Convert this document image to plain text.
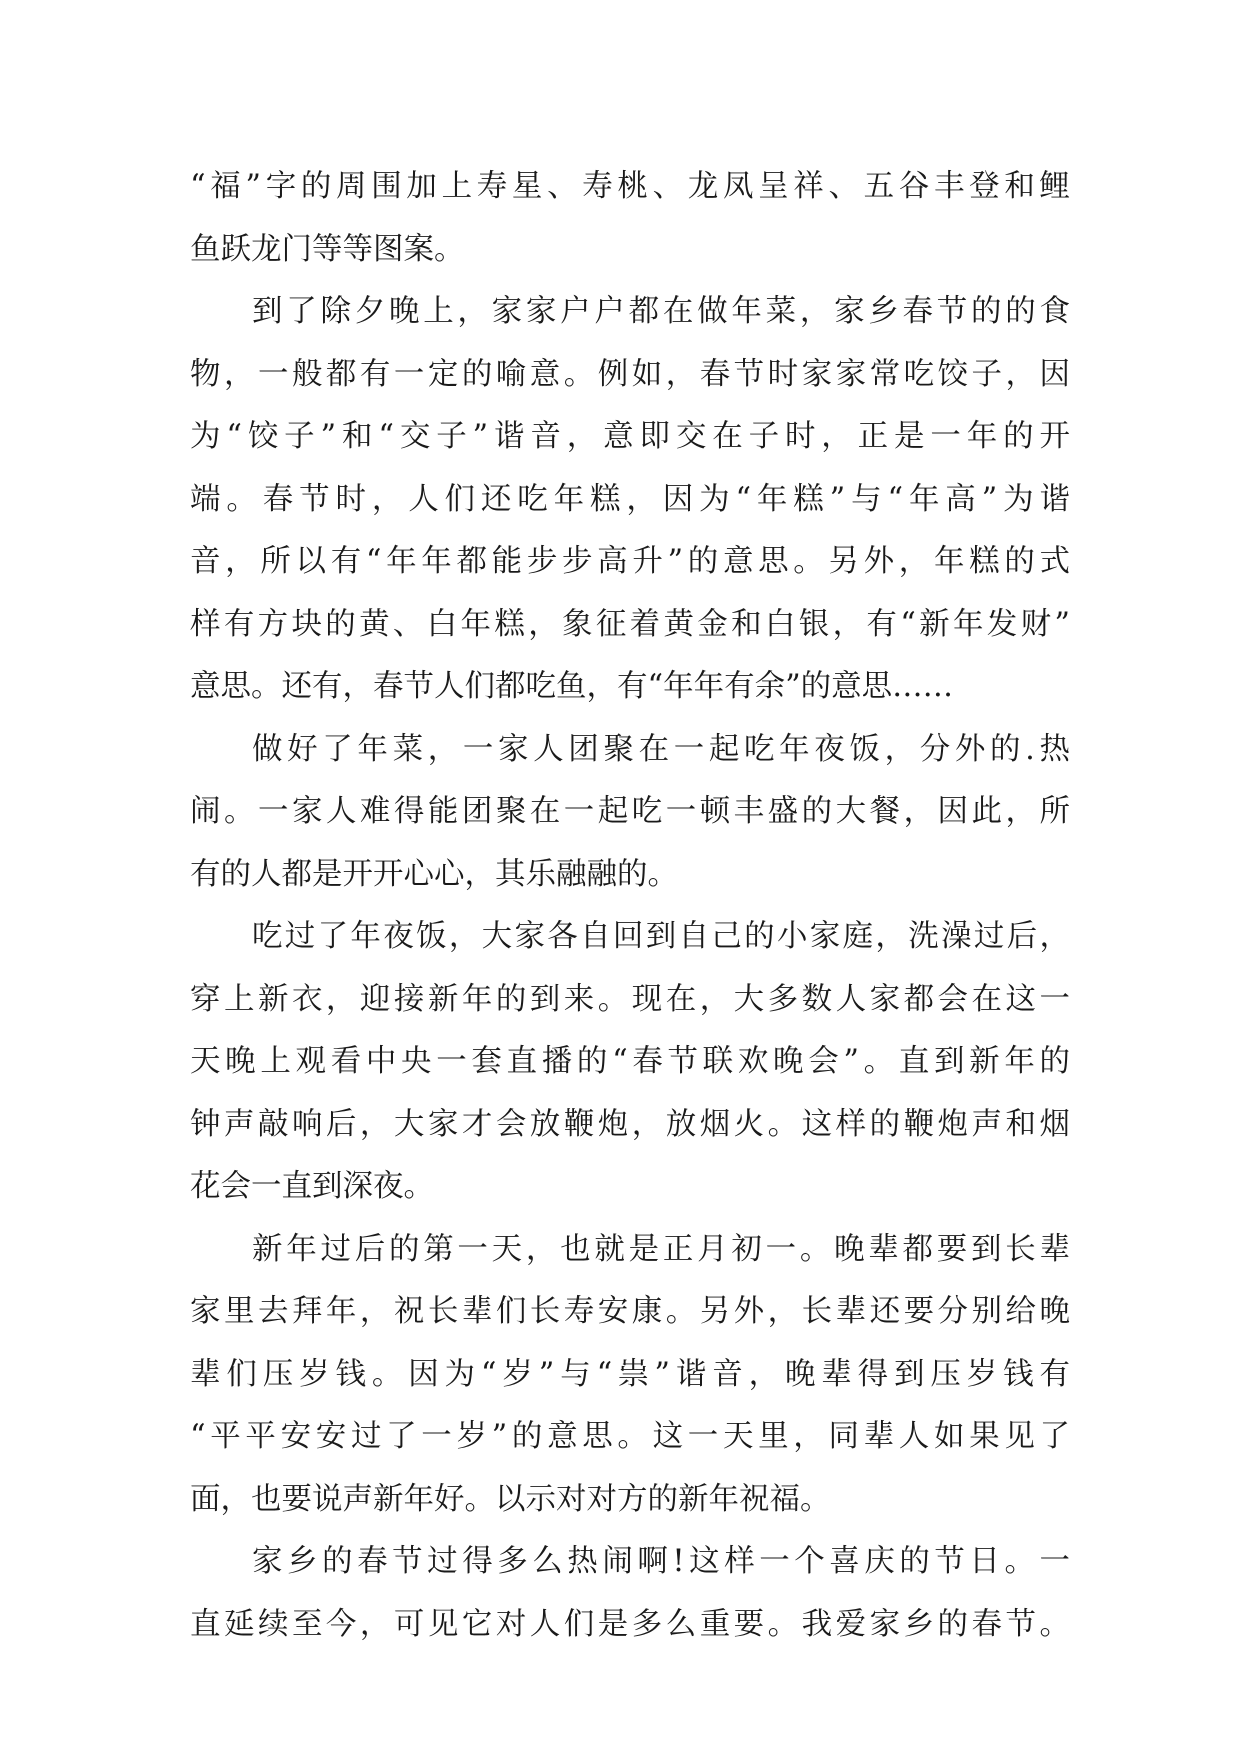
“福”字的周围加上寿星、寿桃、龙凤呈祥、五谷丰登和鲤
鱼跃龙门等等图案。
到了除夕晚上，家家户户都在做年菜，家乡春节的的食
物，一般都有一定的喻意。例如，春节时家家常吃饺子，因
为“饺子”和“交子”谐音，意即交在子时，正是一年的开
端。春节时，人们还吃年糕，因为“年糕”与“年高”为谐
音，所以有“年年都能步步高升”的意思。另外，年糕的式
样有方块的黄、白年糕，象征着黄金和白银，有“新年发财”
意思。还有，春节人们都吃鱼，有“年年有余”的意思……
做好了年菜，一家人团聚在一起吃年夜饭，分外的.热
闹。一家人难得能团聚在一起吃一顿丰盛的大餐，因此，所
有的人都是开开心心，其乐融融的。
吃过了年夜饭，大家各自回到自己的小家庭，洗澡过后，
穿上新衣，迎接新年的到来。现在，大多数人家都会在这一
天晚上观看中央一套直播的“春节联欢晚会”。直到新年的
钟声敲响后，大家才会放鞭炮，放烟火。这样的鞭炮声和烟
花会一直到深夜。
新年过后的第一天，也就是正月初一。晚辈都要到长辈
家里去拜年，祝长辈们长寿安康。另外，长辈还要分别给晚
辈们压岁钱。因为“岁”与“祟”谐音，晚辈得到压岁钱有
“平平安安过了一岁”的意思。这一天里，同辈人如果见了
面，也要说声新年好。以示对对方的新年祝福。
家乡的春节过得多么热闹啊!这样一个喜庆的节日。一
直延续至今，可见它对人们是多么重要。我爱家乡的春节。
